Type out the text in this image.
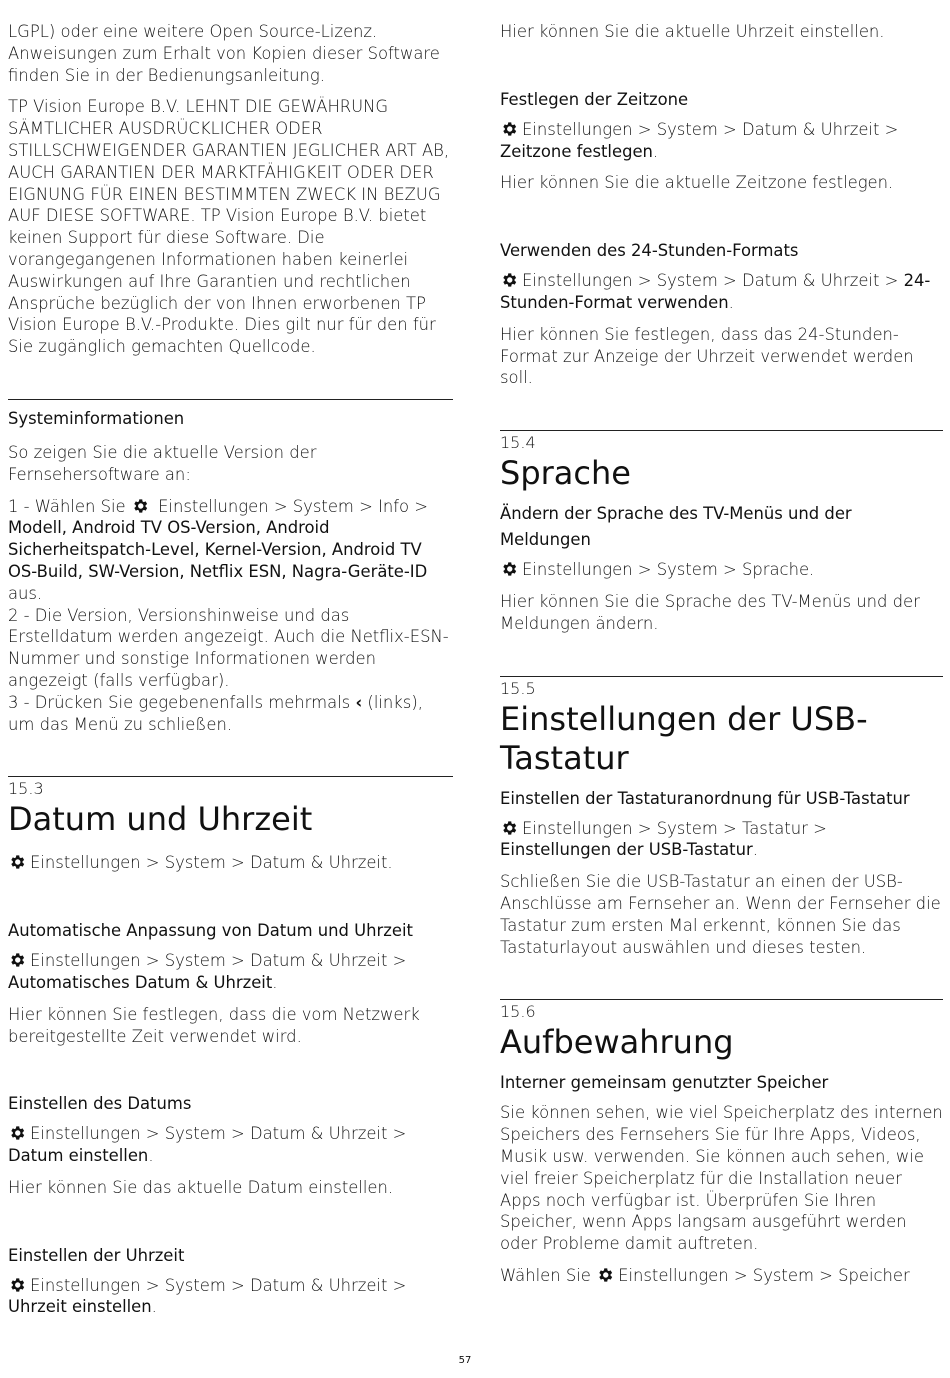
LGPL) oder eine weitere Open Source-Lizenz. Anweisungen zum Erhalt von Kopien dieser Software finden Sie in der Bedienungsanleitung.

TP Vision Europe B.V. LEHNT DIE GEWÄHRUNG SÄMTLICHER AUSDRÜCKLICHER ODER STILLSCHWEIGENDER GARANTIEN JEGLICHER ART AB, AUCH GARANTIEN DER MARKTFÄHIGKEIT ODER DER EIGNUNG FÜR EINEN BESTIMMTEN ZWECK IN BEZUG AUF DIESE SOFTWARE. TP Vision Europe B.V. bietet keinen Support für diese Software. Die vorangegangenen Informationen haben keinerlei Auswirkungen auf Ihre Garantien und rechtlichen Ansprüche bezüglich der von Ihnen erworbenen TP Vision Europe B.V.-Produkte. Dies gilt nur für den für Sie zugänglich gemachten Quellcode.

Systeminformationen

So zeigen Sie die aktuelle Version der Fernsehersoftware an:

1 - Wählen Sie Einstellungen > System > Info > Modell, Android TV OS-Version, Android Sicherheitspatch-Level, Kernel-Version, Android TV OS-Build, SW-Version, Netflix ESN, Nagra-Geräte-ID aus.

2 - Die Version, Versionshinweise und das Erstelldatum werden angezeigt. Auch die Netflix-ESN-Nummer und sonstige Informationen werden angezeigt (falls verfügbar).

3 - Drücken Sie gegebenenfalls mehrmals ‹ (links), um das Menü zu schließen.

15.3
Datum und Uhrzeit

Einstellungen > System > Datum & Uhrzeit.

Automatische Anpassung von Datum und Uhrzeit

Einstellungen > System > Datum & Uhrzeit > Automatisches Datum & Uhrzeit.

Hier können Sie festlegen, dass die vom Netzwerk bereitgestellte Zeit verwendet wird.

Einstellen des Datums

Einstellungen > System > Datum & Uhrzeit > Datum einstellen.

Hier können Sie das aktuelle Datum einstellen.

Einstellen der Uhrzeit

Einstellungen > System > Datum & Uhrzeit > Uhrzeit einstellen.

Hier können Sie die aktuelle Uhrzeit einstellen.

Festlegen der Zeitzone

Einstellungen > System > Datum & Uhrzeit > Zeitzone festlegen.

Hier können Sie die aktuelle Zeitzone festlegen.

Verwenden des 24-Stunden-Formats

Einstellungen > System > Datum & Uhrzeit > 24-Stunden-Format verwenden.

Hier können Sie festlegen, dass das 24-Stunden-Format zur Anzeige der Uhrzeit verwendet werden soll.

15.4
Sprache
Ändern der Sprache des TV-Menüs und der Meldungen

Einstellungen > System > Sprache.

Hier können Sie die Sprache des TV-Menüs und der Meldungen ändern.

15.5
Einstellungen der USB-Tastatur
Einstellen der Tastaturanordnung für USB-Tastatur

Einstellungen > System > Tastatur > Einstellungen der USB-Tastatur.

Schließen Sie die USB-Tastatur an einen der USB-Anschlüsse am Fernseher an. Wenn der Fernseher die Tastatur zum ersten Mal erkennt, können Sie das Tastaturlayout auswählen und dieses testen.

15.6
Aufbewahrung
Interner gemeinsam genutzter Speicher

Sie können sehen, wie viel Speicherplatz des internen Speichers des Fernsehers Sie für Ihre Apps, Videos, Musik usw. verwenden. Sie können auch sehen, wie viel freier Speicherplatz für die Installation neuer Apps noch verfügbar ist. Überprüfen Sie Ihren Speicher, wenn Apps langsam ausgeführt werden oder Probleme damit auftreten.

Wählen Sie Einstellungen > System > Speicher

57
